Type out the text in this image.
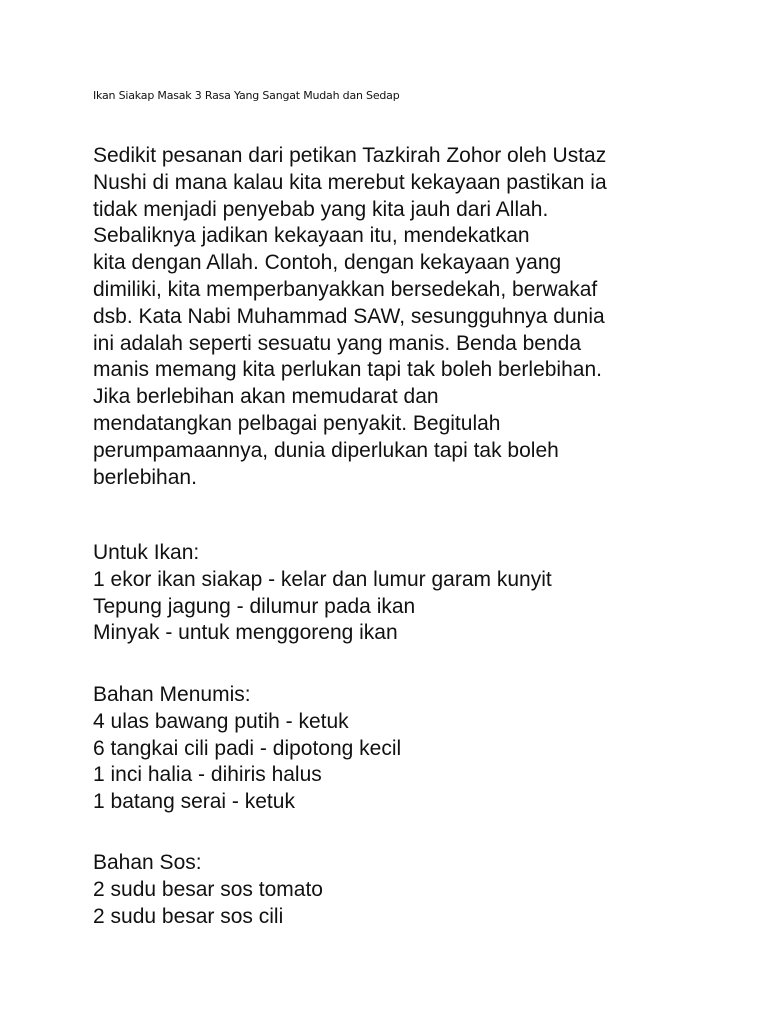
Ikan Siakap Masak 3 Rasa Yang Sangat Mudah dan Sedap
Sedikit pesanan dari petikan Tazkirah Zohor oleh Ustaz
Nushi di mana kalau kita merebut kekayaan pastikan ia
tidak menjadi penyebab yang kita jauh dari Allah.
Sebaliknya jadikan kekayaan itu, mendekatkan
kita dengan Allah. Contoh, dengan kekayaan yang
dimiliki, kita memperbanyakkan bersedekah, berwakaf
dsb. Kata Nabi Muhammad SAW, sesungguhnya dunia
ini adalah seperti sesuatu yang manis. Benda benda
manis memang kita perlukan tapi tak boleh berlebihan.
Jika berlebihan akan memudarat dan
mendatangkan pelbagai penyakit. Begitulah
perumpamaannya, dunia diperlukan tapi tak boleh
berlebihan.
Untuk Ikan:
1 ekor ikan siakap - kelar dan lumur garam kunyit
Tepung jagung - dilumur pada ikan
Minyak - untuk menggoreng ikan
Bahan Menumis:
4 ulas bawang putih - ketuk
6 tangkai cili padi - dipotong kecil
1 inci halia - dihiris halus
1 batang serai - ketuk
Bahan Sos:
2 sudu besar sos tomato
2 sudu besar sos cili
